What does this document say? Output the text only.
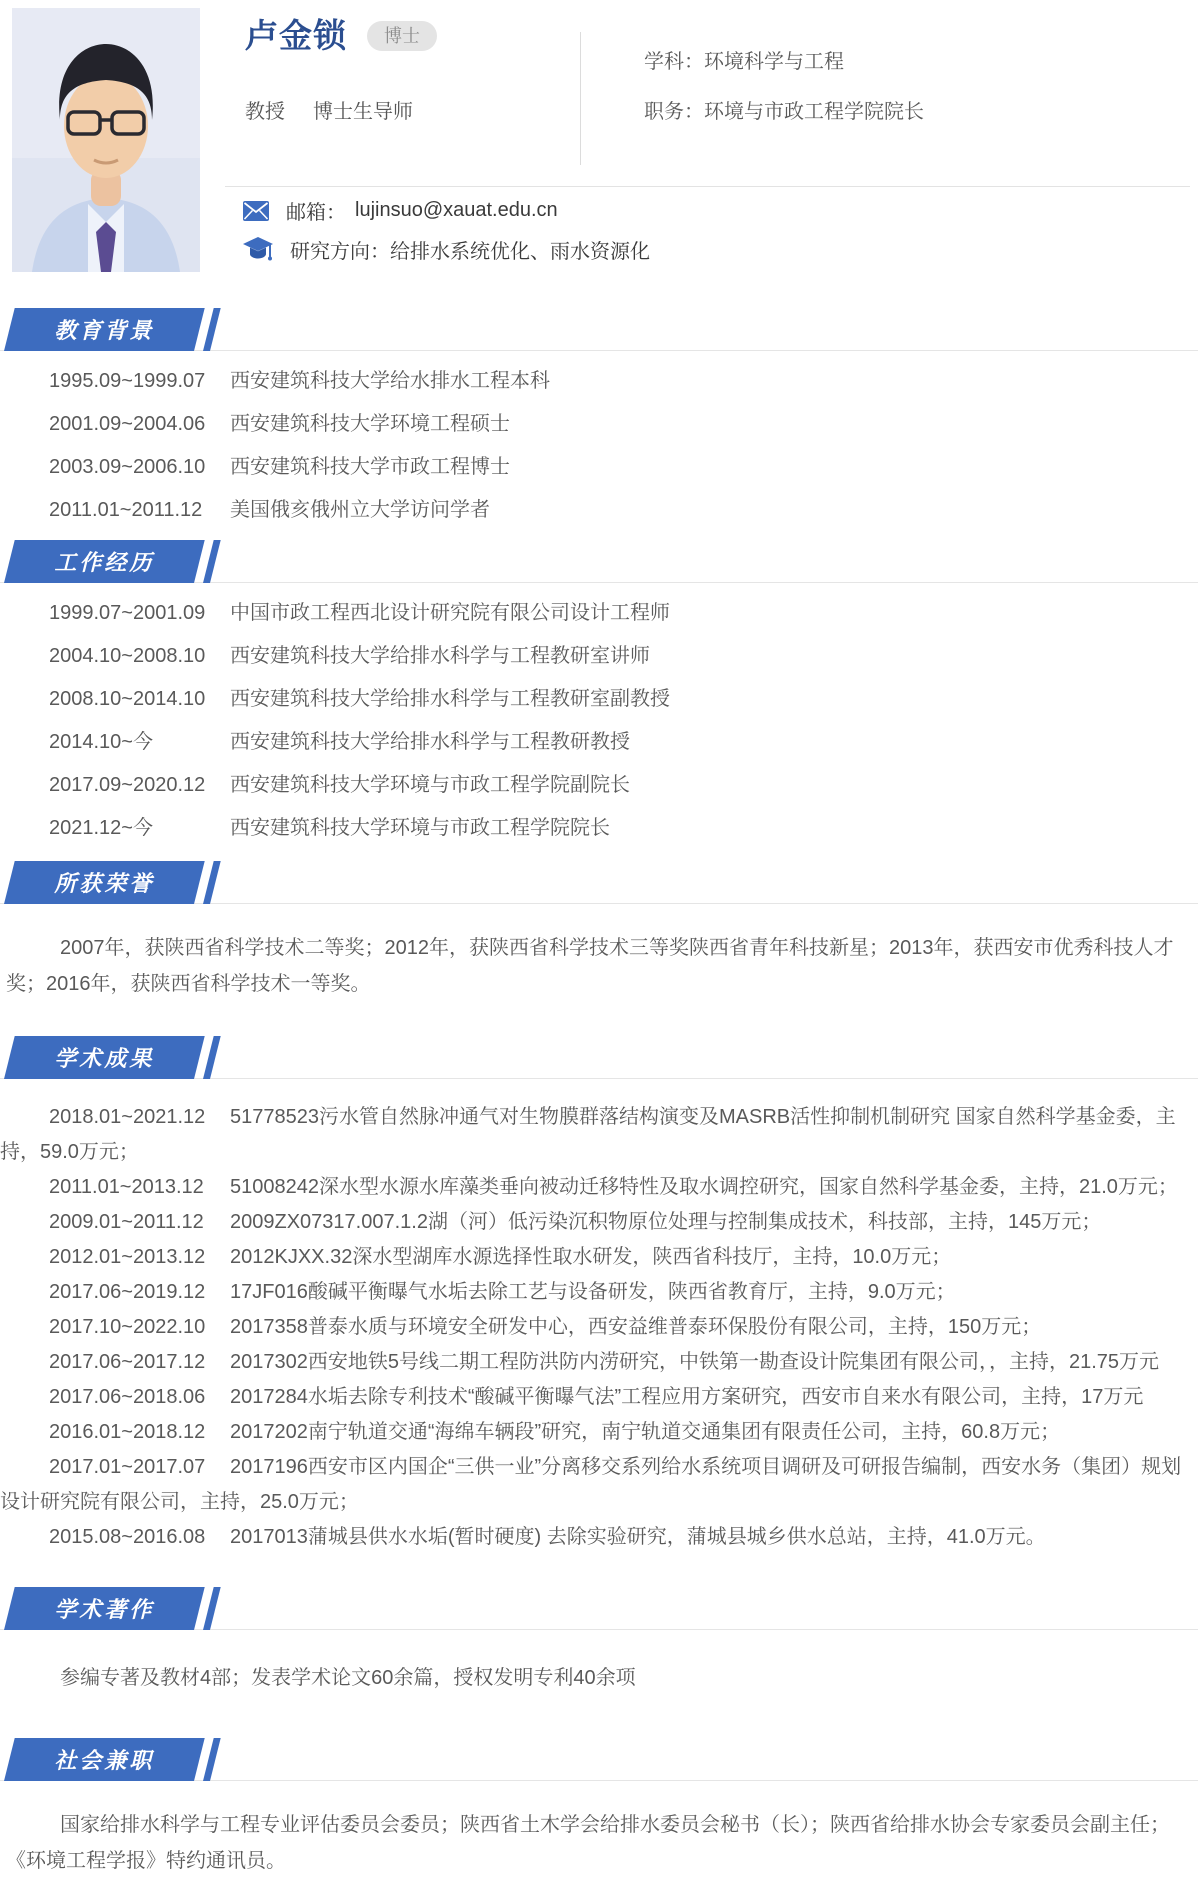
卢金锁	博士
教授 博士生导师
学科：环境科学与工程
职务：环境与市政工程学院院长
邮箱： lujinsuo@xauat.edu.cn
研究方向： 给排水系统优化、雨水资源化
教育背景
1995.09~1999.07 西安建筑科技大学给水排水工程本科
2001.09~2004.06 西安建筑科技大学环境工程硕士
2003.09~2006.10 西安建筑科技大学市政工程博士
2011.01~2011.12 美国俄亥俄州立大学访问学者
工作经历
1999.07~2001.09 中国市政工程西北设计研究院有限公司设计工程师
2004.10~2008.10 西安建筑科技大学给排水科学与工程教研室讲师
2008.10~2014.10 西安建筑科技大学给排水科学与工程教研室副教授
2014.10~今	西安建筑科技大学给排水科学与工程教研教授
2017.09~2020.12 西安建筑科技大学环境与市政工程学院副院长
2021.12~今	西安建筑科技大学环境与市政工程学院院长
所获荣誉

2007年，获陕西省科学技术二等奖；2012年，获陕西省科学技术三等奖陕西省青年科技新星；2013年，获西安市优秀科技人才奖；2016年，获陕西省科学技术一等奖。

学术成果

2018.01~2021.12 51778523污水管自然脉冲通气对生物膜群落结构演变及MASRB活性抑制机制研究 国家自然科学基金委，主持，59.0万元；

2011.01~2013.12 51008242深水型水源水库藻类垂向被动迁移特性及取水调控研究，国家自然科学基金委，主持，21.0万元；

2009.01~2011.12 2009ZX07317.007.1.2湖（河）低污染沉积物原位处理与控制集成技术，科技部，主持，145万元；

2012.01~2013.12 2012KJXX.32深水型湖库水源选择性取水研发，陕西省科技厅，主持，10.0万元；

2017.06~2019.12 17JF016酸碱平衡曝气水垢去除工艺与设备研发，陕西省教育厅，主持，9.0万元；

2017.10~2022.10 2017358普泰水质与环境安全研发中心，西安益维普泰环保股份有限公司，主持，150万元；

2017.06~2017.12 2017302西安地铁5号线二期工程防洪防内涝研究，中铁第一勘查设计院集团有限公司，，主持，21.75万元

2017.06~2018.06 2017284水垢去除专利技术“酸碱平衡曝气法”工程应用方案研究，西安市自来水有限公司，主持，17万元

2016.01~2018.12 2017202南宁轨道交通“海绵车辆段”研究，南宁轨道交通集团有限责任公司，主持，60.8万元；

2017.01~2017.07 2017196西安市区内国企“三供一业”分离移交系列给水系统项目调研及可研报告编制，西安水务（集团）规划设计研究院有限公司，主持，25.0万元；

2015.08~2016.08 2017013蒲城县供水水垢(暂时硬度) 去除实验研究，蒲城县城乡供水总站，主持，41.0万元。

学术著作

参编专著及教材4部；发表学术论文60余篇，授权发明专利40余项

社会兼职

国家给排水科学与工程专业评估委员会委员；陕西省土木学会给排水委员会秘书（长）；陕西省给排水协会专家委员会副主任；《环境工程学报》特约通讯员。
